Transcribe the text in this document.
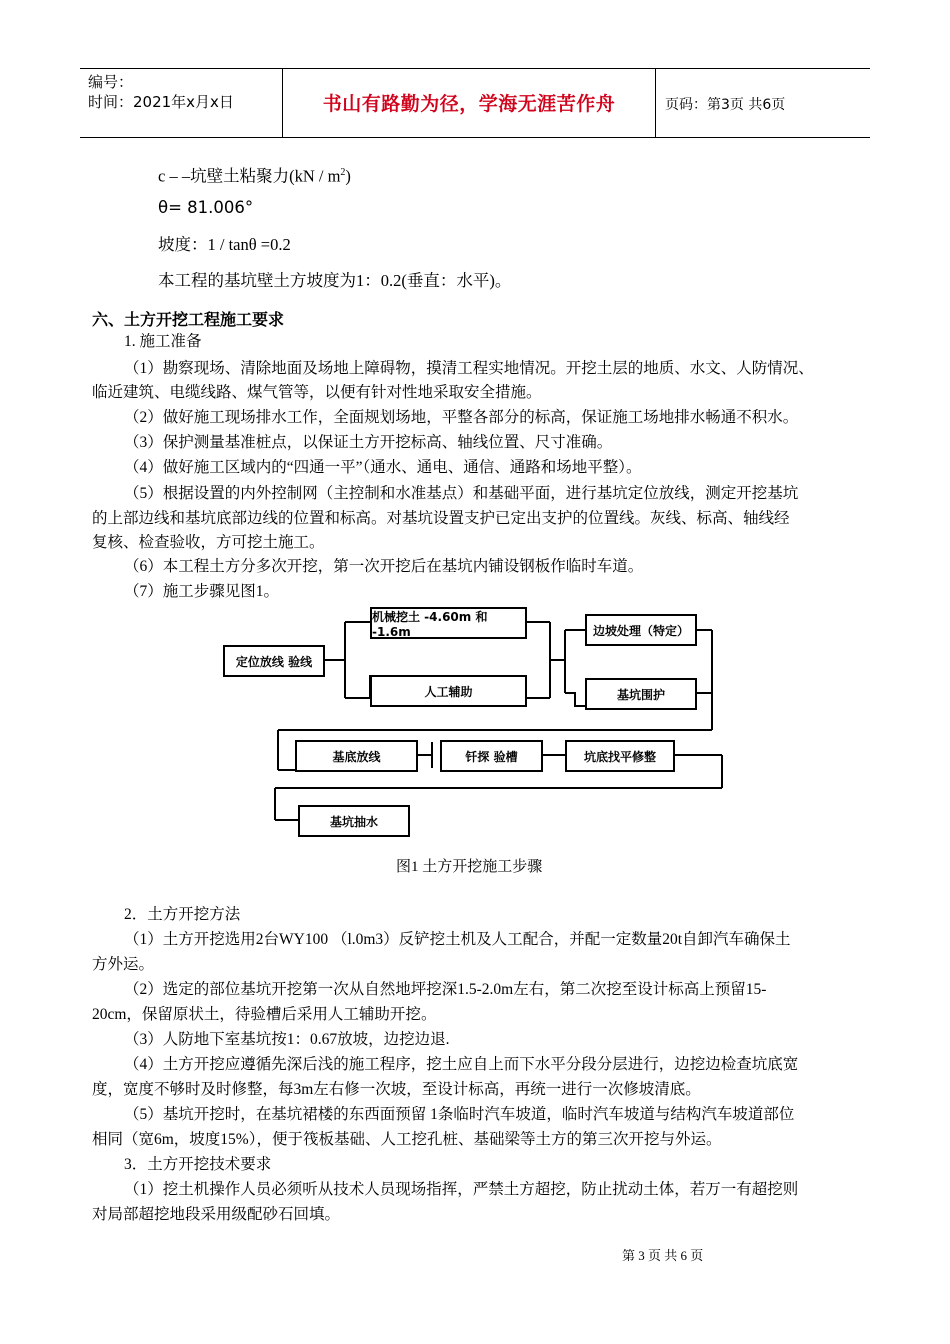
编号：
时间：2021年x月x日	书山有路勤为径，学海无涯苦作舟	页码：第3页 共6页
c – –坑壁土粘聚力$(kN / m^2)$
θ= 81.006°
坡度：1 / tanθ =0.2
本工程的基坑壁土方坡度为1：0.2(垂直：水平)。
六、土方开挖工程施工要求
1. 施工准备
（1）勘察现场、清除地面及场地上障碍物，摸清工程实地情况。开挖土层的地质、水文、人防情况、
临近建筑、电缆线路、煤气管等，以便有针对性地采取安全措施。
（2）做好施工现场排水工作，全面规划场地，平整各部分的标高，保证施工场地排水畅通不积水。
（3）保护测量基准桩点，以保证土方开挖标高、轴线位置、尺寸准确。
（4）做好施工区域内的“四通一平”（通水、通电、通信、通路和场地平整）。
（5）根据设置的内外控制网（主控制和水准基点）和基础平面，进行基坑定位放线，测定开挖基坑
的上部边线和基坑底部边线的位置和标高。对基坑设置支护已定出支护的位置线。灰线、标高、轴线经
复核、检查验收，方可挖土施工。
（6）本工程土方分多次开挖，第一次开挖后在基坑内铺设钢板作临时车道。
（7）施工步骤见图1。
定位放线 验线
机械挖土 -4.60m 和 -1.6m
人工辅助
边坡处理（特定）
基坑围护
基底放线	钎探 验槽	坑底找平修整
基坑抽水
图1 土方开挖施工步骤
2．土方开挖方法
（1）土方开挖选用2台WY100 （l.0m3）反铲挖土机及人工配合，并配一定数量20t自卸汽车确保土
方外运。
（2）选定的部位基坑开挖第一次从自然地坪挖深1.5-2.0m左右，第二次挖至设计标高上预留15-
20cm，保留原状土，待验槽后采用人工辅助开挖。
（3）人防地下室基坑按1：0.67放坡，边挖边退.
（4）土方开挖应遵循先深后浅的施工程序，挖土应自上而下水平分段分层进行，边挖边检查坑底宽
度，宽度不够时及时修整，每3m左右修一次坡，至设计标高，再统一进行一次修坡清底。
（5）基坑开挖时，在基坑裙楼的东西面预留 1条临时汽车坡道，临时汽车坡道与结构汽车坡道部位
相同（宽6m，坡度15%），便于筏板基础、人工挖孔桩、基础梁等土方的第三次开挖与外运。
3．土方开挖技术要求
（1）挖土机操作人员必须听从技术人员现场指挥，严禁土方超挖，防止扰动土体，若万一有超挖则
对局部超挖地段采用级配砂石回填。
第 3 页 共 6 页
